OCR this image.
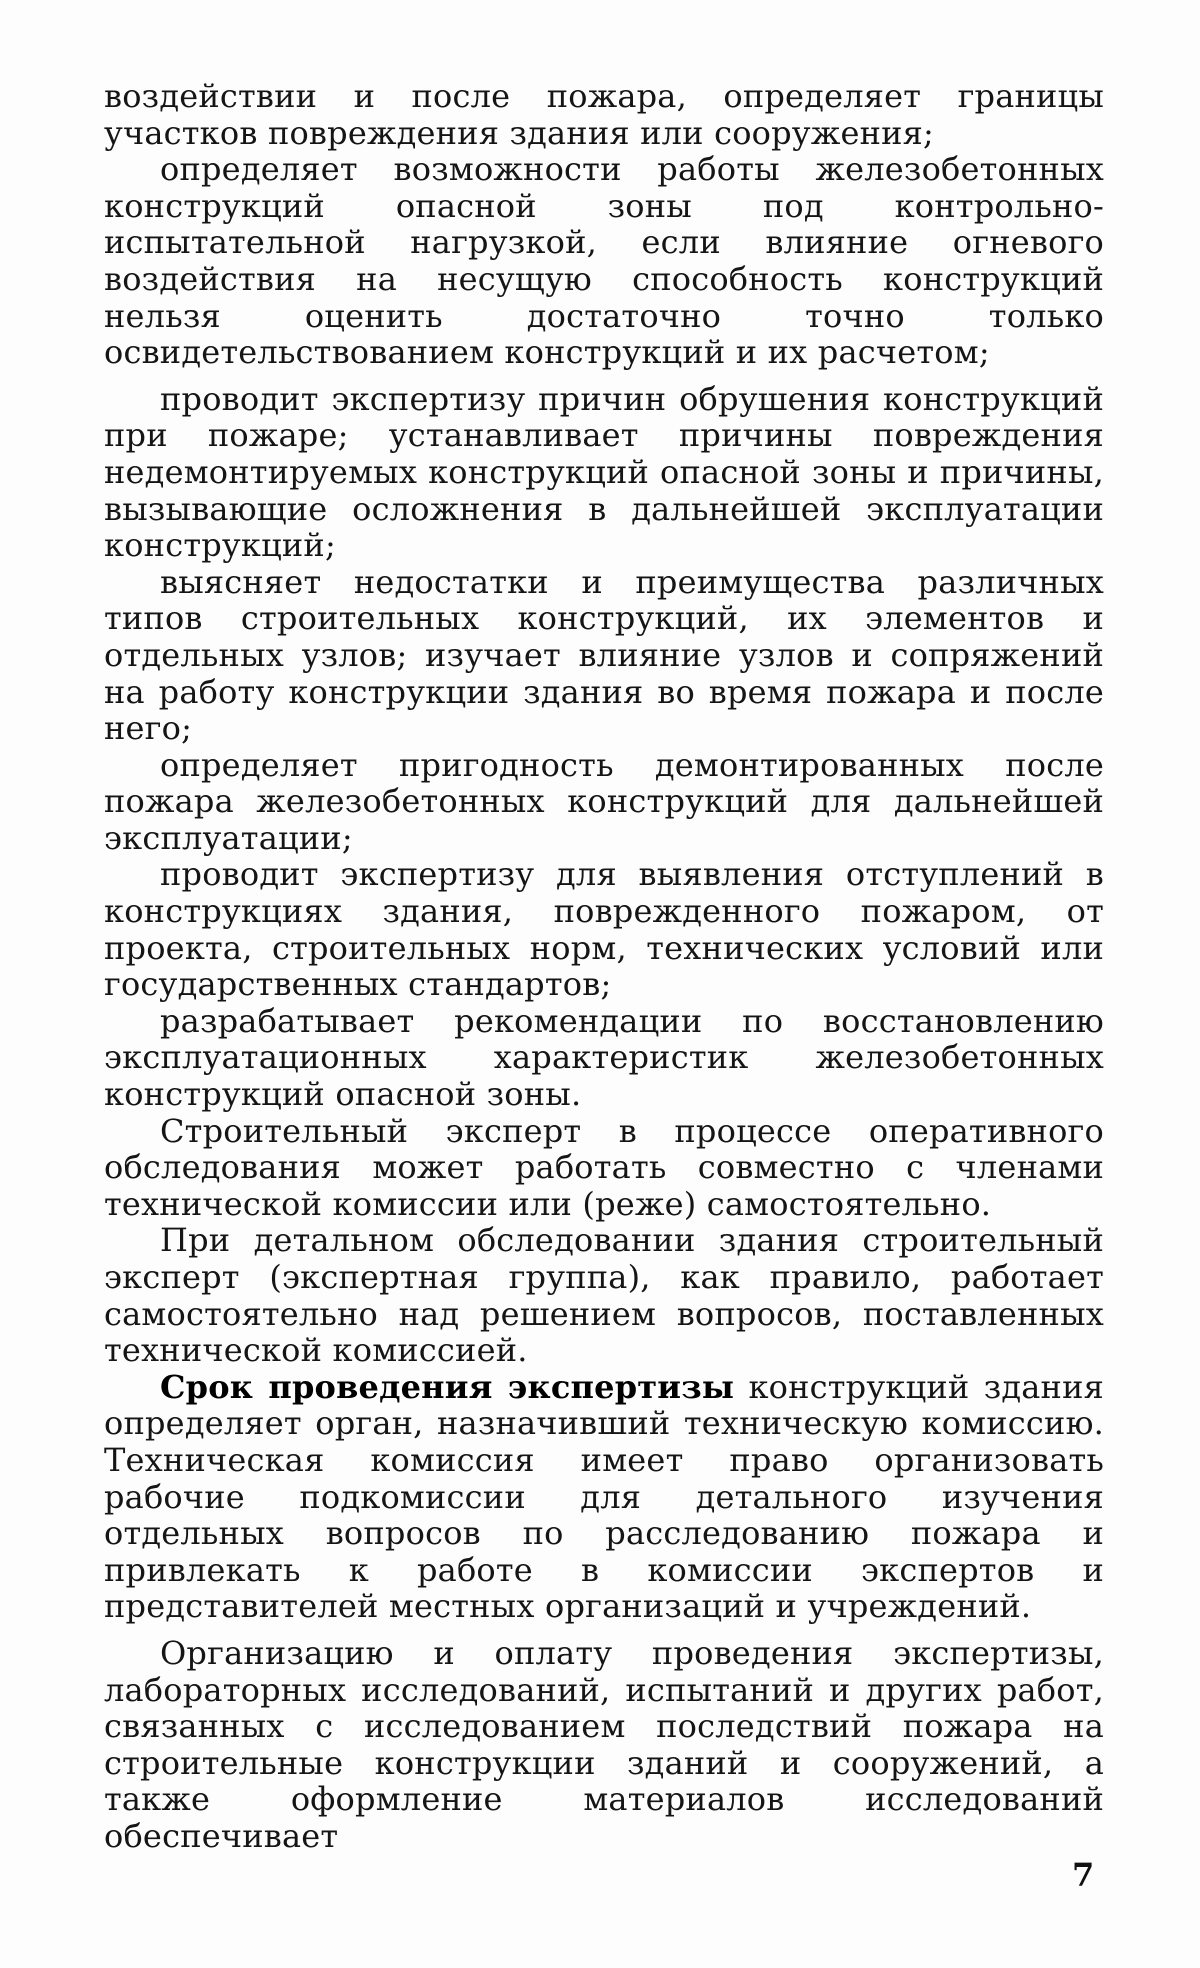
воздействии и после пожара, определяет границы участков повреждения здания или сооружения;

определяет возможности работы железобетонных конструкций опасной зоны под контрольно-испытательной нагрузкой, если влияние огневого воздействия на несущую способность конструкций нельзя оценить достаточно точно только освидетельствованием конструкций и их расчетом;

проводит экспертизу причин обрушения конструкций при пожаре; устанавливает причины повреждения недемонтируемых конструкций опасной зоны и причины, вызывающие осложнения в дальнейшей эксплуатации конструкций;

выясняет недостатки и преимущества различных типов строительных конструкций, их элементов и отдельных узлов; изучает влияние узлов и сопряжений на работу конструкции здания во время пожара и после него;

определяет пригодность демонтированных после пожара железобетонных конструкций для дальнейшей эксплуатации;

проводит экспертизу для выявления отступлений в конструкциях здания, поврежденного пожаром, от проекта, строительных норм, технических условий или государственных стандартов;

разрабатывает рекомендации по восстановлению эксплуатационных характеристик железобетонных конструкций опасной зоны.

Строительный эксперт в процессе оперативного обследования может работать совместно с членами технической комиссии или (реже) самостоятельно.

При детальном обследовании здания строительный эксперт (экспертная группа), как правило, работает самостоятельно над решением вопросов, поставленных технической комиссией.

Срок проведения экспертизы конструкций здания определяет орган, назначивший техническую комиссию. Техническая комиссия имеет право организовать рабочие подкомиссии для детального изучения отдельных вопросов по расследованию пожара и привлекать к работе в комиссии экспертов и представителей местных организаций и учреждений.

Организацию и оплату проведения экспертизы, лабораторных исследований, испытаний и других работ, связанных с исследованием последствий пожара на строительные конструкции зданий и сооружений, а также оформление материалов исследований обеспечивает

7
